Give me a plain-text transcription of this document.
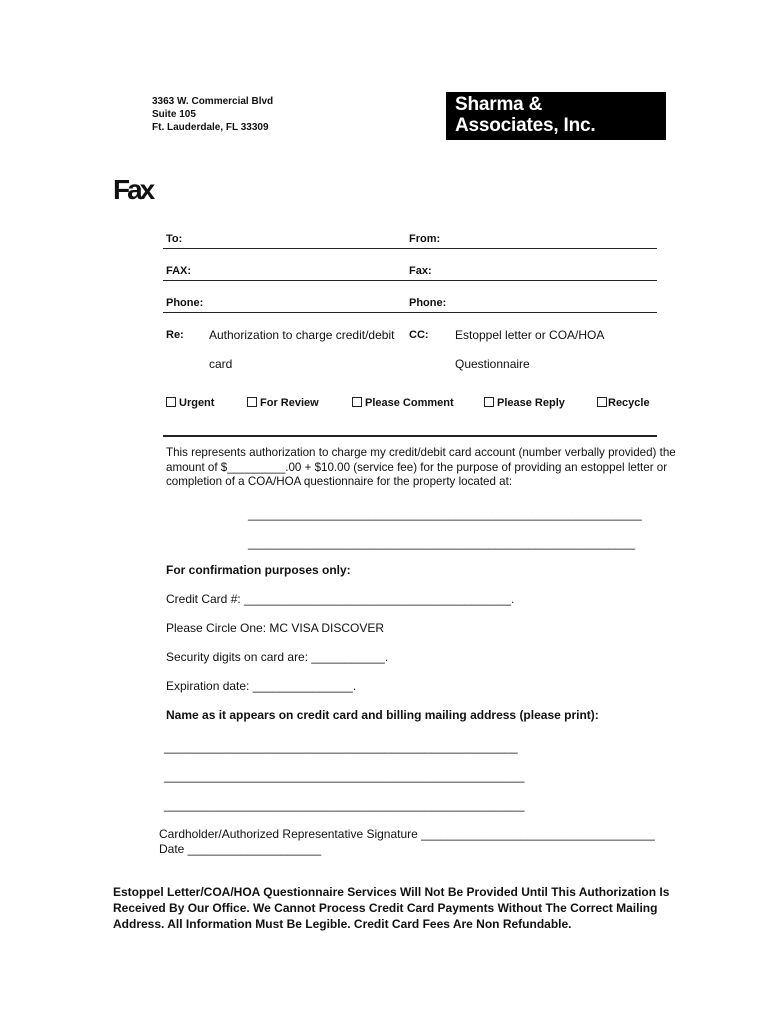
3363 W. Commercial Blvd
Suite 105
Ft. Lauderdale, FL 33309
Sharma &
Associates, Inc.
Fax
To:	From:
FAX:	Fax:
Phone:	Phone:
Re: Authorization to charge credit/debit
card
CC: Estoppel letter or COA/HOA
Questionnaire
Urgent	For Review	Please Comment	Please Reply	Recycle
This represents authorization to charge my credit/debit card account (number verbally provided) the amount of $_________.00 + $10.00 (service fee) for the purpose of providing an estoppel letter or completion of a COA/HOA questionnaire for the property located at:
___________________________________________________________
__________________________________________________________
For confirmation purposes only:
Credit Card #: ________________________________________.
Please Circle One: MC VISA DISCOVER
Security digits on card are: ___________.
Expiration date: _______________.
Name as it appears on credit card and billing mailing address (please print):
_____________________________________________________
______________________________________________________
______________________________________________________
Cardholder/Authorized Representative Signature ___________________________________
Date ____________________
Estoppel Letter/COA/HOA Questionnaire Services Will Not Be Provided Until This Authorization Is Received By Our Office. We Cannot Process Credit Card Payments Without The Correct Mailing Address. All Information Must Be Legible. Credit Card Fees Are Non Refundable.
